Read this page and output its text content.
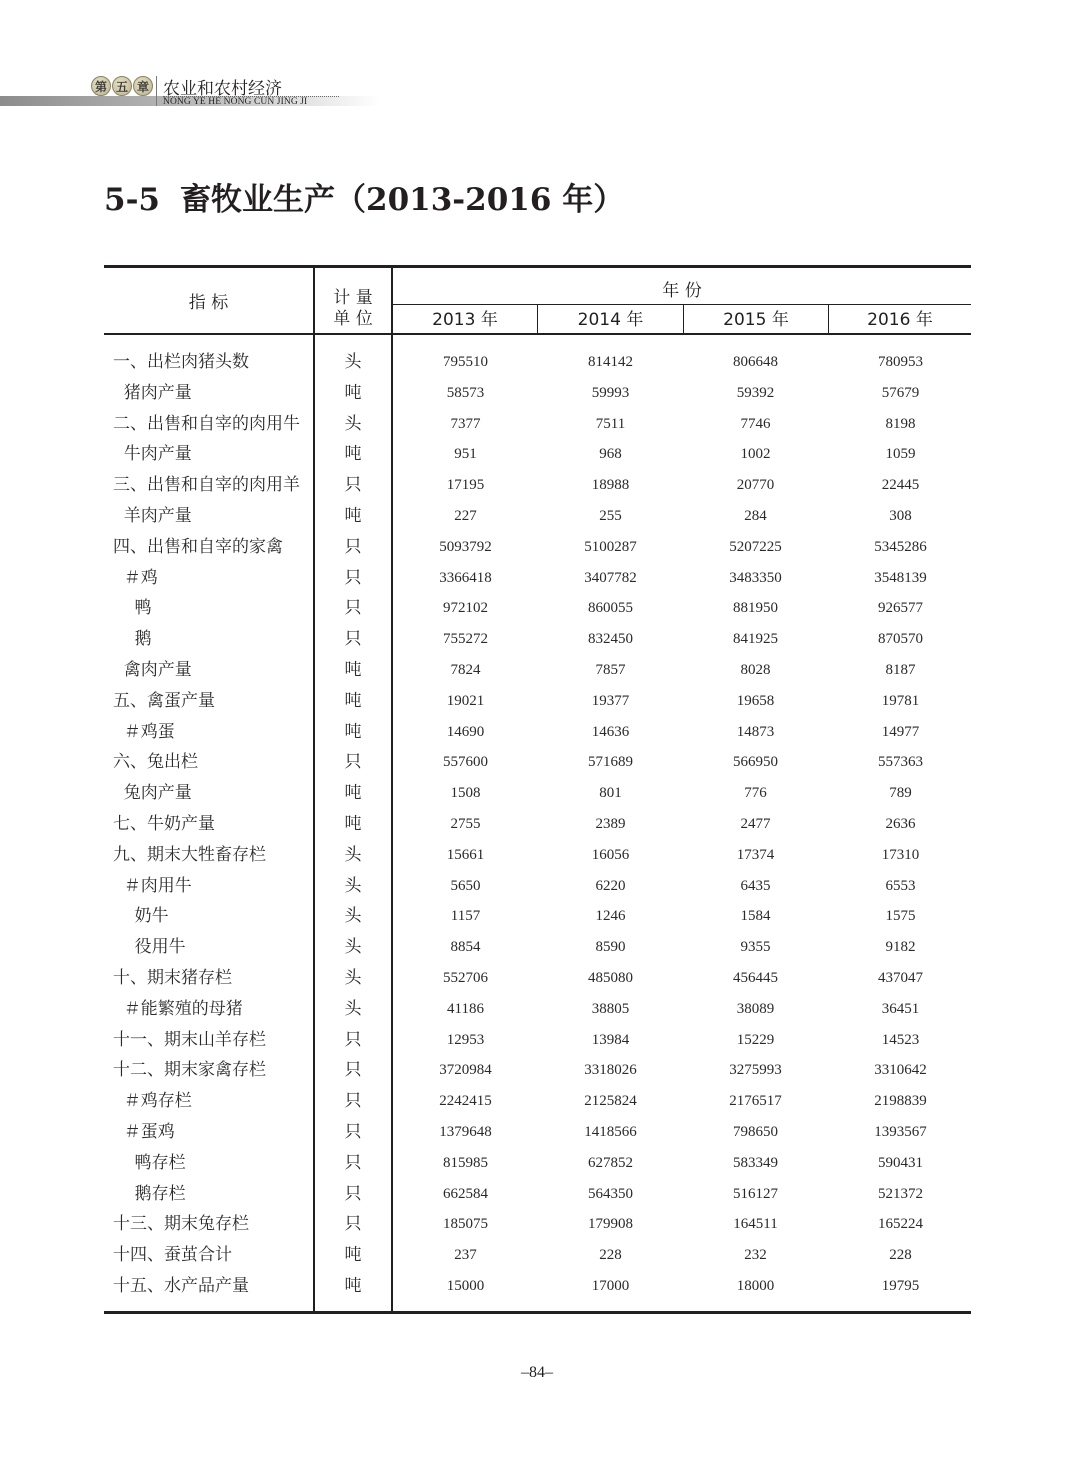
第 五 章 农业和农村经济
NONG YE HE NONG CUN JING JI
5-5 畜牧业生产（2013-2016 年）
指 标	计 量
单 位
年 份
2013 年	2014 年	2015 年	2016 年
一、出栏肉猪头数	头	795510	814142	806648	780953
猪肉产量	吨	58573	59993	59392	57679
二、出售和自宰的肉用牛	头	7377	7511	7746	8198
牛肉产量	吨	951	968	1002	1059
三、出售和自宰的肉用羊	只	17195	18988	20770	22445
羊肉产量	吨	227	255	284	308
四、出售和自宰的家禽	只	5093792	5100287	5207225	5345286
＃鸡	只	3366418	3407782	3483350	3548139
鸭	只	972102	860055	881950	926577
鹅	只	755272	832450	841925	870570
禽肉产量	吨	7824	7857	8028	8187
五、禽蛋产量	吨	19021	19377	19658	19781
＃鸡蛋	吨	14690	14636	14873	14977
六、兔出栏	只	557600	571689	566950	557363
兔肉产量	吨	1508	801	776	789
七、牛奶产量	吨	2755	2389	2477	2636
九、期末大牲畜存栏	头	15661	16056	17374	17310
＃肉用牛	头	5650	6220	6435	6553
奶牛	头	1157	1246	1584	1575
役用牛	头	8854	8590	9355	9182
十、期末猪存栏	头	552706	485080	456445	437047
＃能繁殖的母猪	头	41186	38805	38089	36451
十一、期末山羊存栏	只	12953	13984	15229	14523
十二、期末家禽存栏	只	3720984	3318026	3275993	3310642
＃鸡存栏	只	2242415	2125824	2176517	2198839
＃蛋鸡	只	1379648	1418566	798650	1393567
鸭存栏	只	815985	627852	583349	590431
鹅存栏	只	662584	564350	516127	521372
十三、期末兔存栏	只	185075	179908	164511	165224
十四、蚕茧合计	吨	237	228	232	228
十五、水产品产量	吨	15000	17000	18000	19795
–84–
